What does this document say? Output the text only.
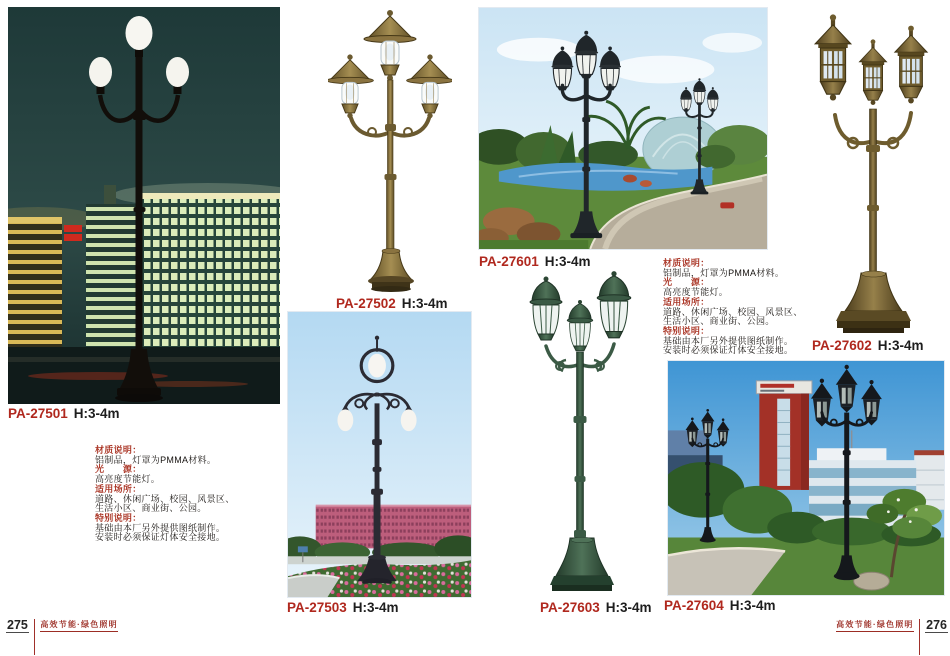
PA-27501 H:3-4m
PA-27502 H:3-4m
PA-27503 H:3-4m
PA-27601 H:3-4m
PA-27602 H:3-4m
PA-27603 H:3-4m PA-27604 H:3-4m
材质说明：
铝制品，灯罩为PMMA材料。
光　　源：
高亮度节能灯。
适用场所：
道路、休闲广场、校园、风景区、
生活小区、商业街、公园。
特别说明：
基础由本厂另外提供图纸制作。
安装时必须保证灯体安全接地。
材质说明：
铝制品，灯罩为PMMA材料。
光　　源：
高亮度节能灯。
适用场所：
道路、休闲广场、校园、风景区、
生活小区、商业街、公园。
特别说明：
基础由本厂另外提供图纸制作。
安装时必须保证灯体安全接地。
275 高效节能·绿色照明	高效节能·绿色照明 276
